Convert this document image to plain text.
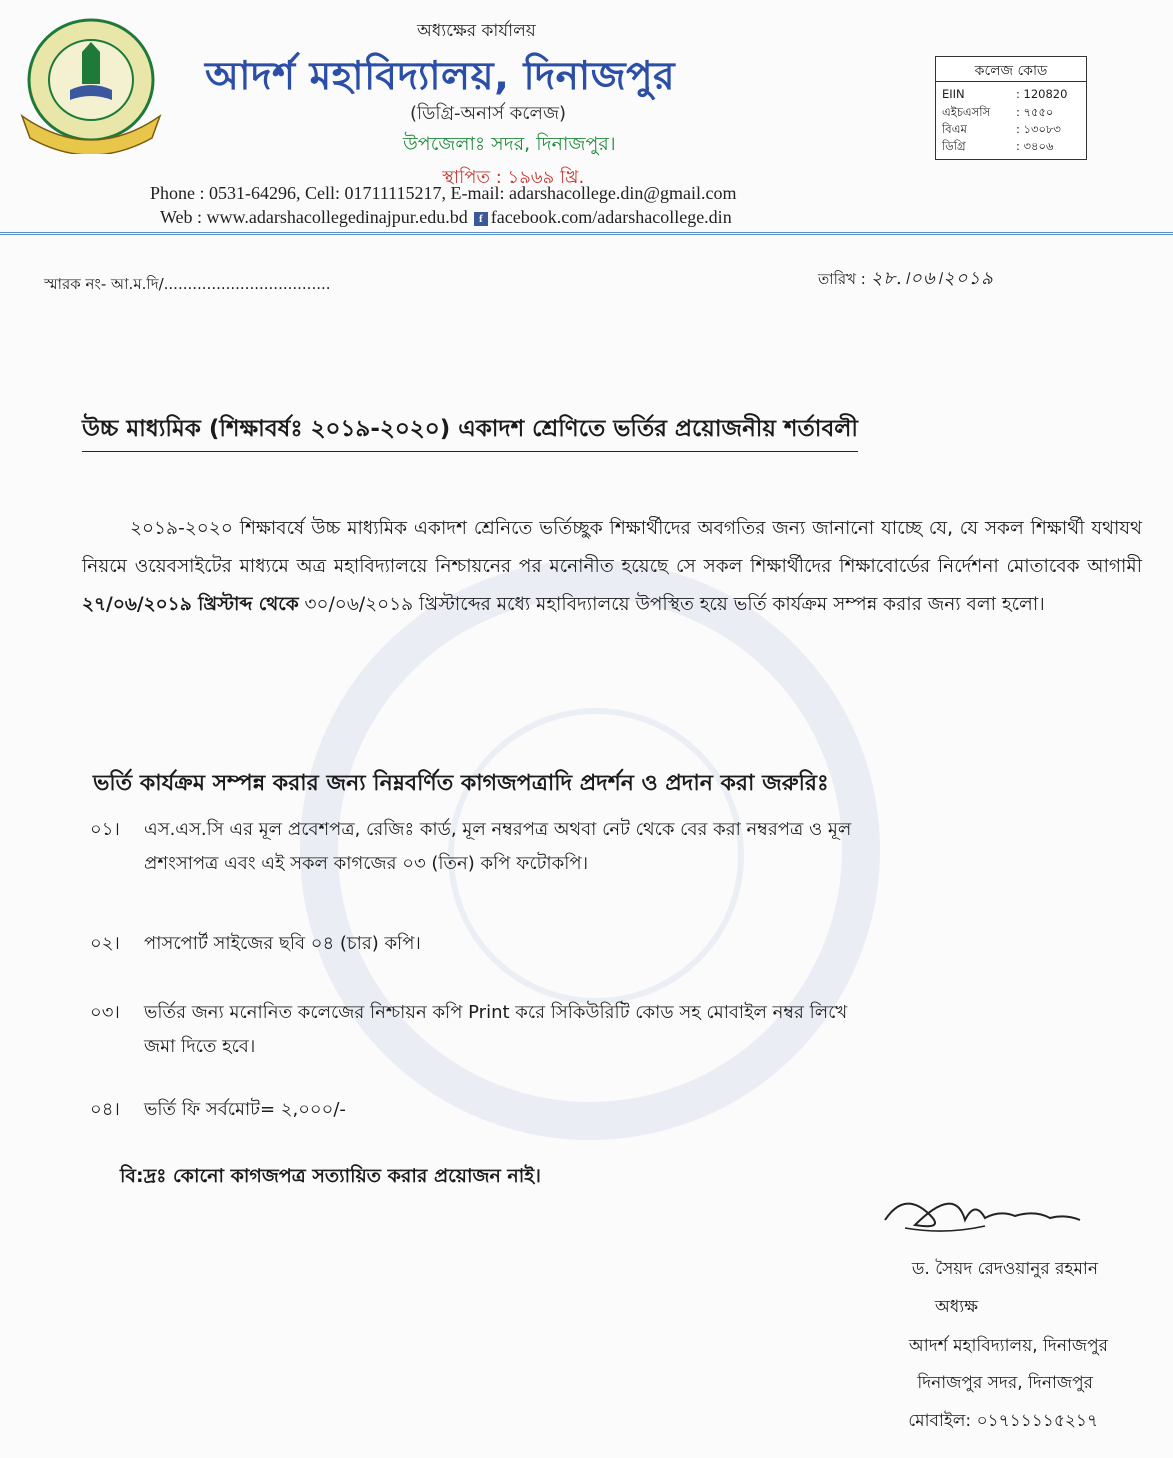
অধ্যক্ষের কার্যালয়
আদর্শ মহাবিদ্যালয়, দিনাজপুর
(ডিগ্রি-অনার্স কলেজ)
উপজেলাঃ সদর, দিনাজপুর।
স্থাপিত : ১৯৬৯ খ্রি.
Phone : 0531-64296, Cell: 01711115217, E-mail: adarshacollege.din@gmail.com
Web : www.adarshacollegedinajpur.edu.bd f facebook.com/adarshacollege.din
কলেজ কোড
EIIN	: 120820
এইচএসসি : ৭৫৫০
বিএম	: ১৩০৮৩
ডিগ্রি	: ৩৪০৬
স্মারক নং- আ.ম.দি/...................................	তারিখ : ২৮.।০৬।২০১৯
উচ্চ মাধ্যমিক (শিক্ষাবর্ষঃ ২০১৯-২০২০) একাদশ শ্রেণিতে ভর্তির প্রয়োজনীয় শর্তাবলী
২০১৯-২০২০ শিক্ষাবর্ষে উচ্চ মাধ্যমিক একাদশ শ্রেনিতে ভর্তিচ্ছুক শিক্ষার্থীদের অবগতির জন্য জানানো যাচ্ছে যে, যে সকল শিক্ষার্থী যথাযথ নিয়মে ওয়েবসাইটের মাধ্যমে অত্র মহাবিদ্যালয়ে নিশ্চায়নের পর মনোনীত হয়েছে সে সকল শিক্ষার্থীদের শিক্ষাবোর্ডের নির্দেশনা মোতাবেক আগামী ২৭/০৬/২০১৯ খ্রিস্টাব্দ থেকে ৩০/০৬/২০১৯ খ্রিস্টাব্দের মধ্যে মহাবিদ্যালয়ে উপস্থিত হয়ে ভর্তি কার্যক্রম সম্পন্ন করার জন্য বলা হলো।
ভর্তি কার্যক্রম সম্পন্ন করার জন্য নিম্নবর্ণিত কাগজপত্রাদি প্রদর্শন ও প্রদান করা জরুরিঃ
০১। এস.এস.সি এর মূল প্রবেশপত্র, রেজিঃ কার্ড, মূল নম্বরপত্র অথবা নেট থেকে বের করা নম্বরপত্র ও মূল
প্রশংসাপত্র এবং এই সকল কাগজের ০৩ (তিন) কপি ফটোকপি।
০২। পাসপোর্ট সাইজের ছবি ০৪ (চার) কপি।
০৩। ভর্তির জন্য মনোনিত কলেজের নিশ্চায়ন কপি Print করে সিকিউরিটি কোড সহ মোবাইল নম্বর লিখে
জমা দিতে হবে।
০৪। ভর্তি ফি সর্বমোট= ২,০০০/-
বি:দ্রঃ কোনো কাগজপত্র সত্যায়িত করার প্রয়োজন নাই।
ড. সৈয়দ রেদওয়ানুর রহমান
অধ্যক্ষ
আদর্শ মহাবিদ্যালয়, দিনাজপুর
দিনাজপুর সদর, দিনাজপুর
মোবাইল: ০১৭১১১১৫২১৭
